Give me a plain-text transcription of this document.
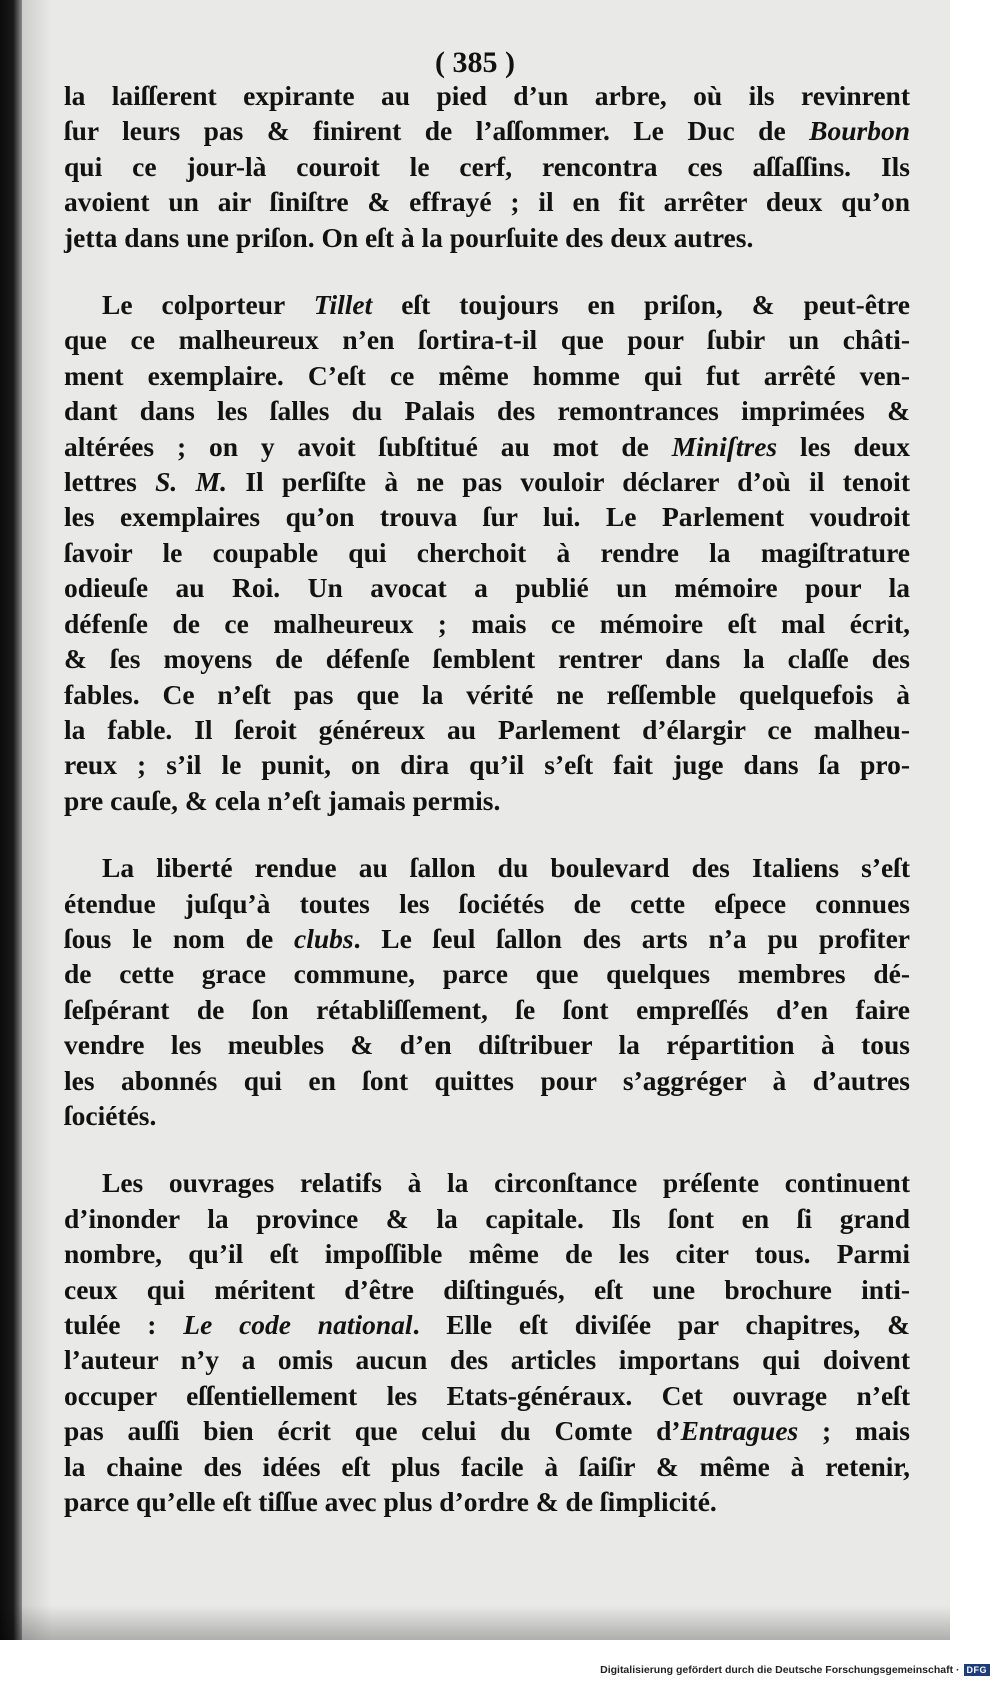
( 385 )
la laiſſerent expirante au pied d’un arbre, où ils revinrent
ſur leurs pas & finirent de l’aſſommer. Le Duc de Bourbon
qui ce jour-là couroit le cerf, rencontra ces aſſaſſins. Ils
avoient un air ſiniſtre & effrayé ; il en fit arrêter deux qu’on
jetta dans une priſon. On eſt à la pourſuite des deux autres.
Le colporteur Tillet eſt toujours en priſon, & peut-être
que ce malheureux n’en ſortira-t-il que pour ſubir un châti-
ment exemplaire. C’eſt ce même homme qui fut arrêté ven-
dant dans les ſalles du Palais des remontrances imprimées &
altérées ; on y avoit ſubſtitué au mot de Miniſtres les deux
lettres S. M. Il perſiſte à ne pas vouloir déclarer d’où il tenoit
les exemplaires qu’on trouva ſur lui. Le Parlement voudroit
ſavoir le coupable qui cherchoit à rendre la magiſtrature
odieuſe au Roi. Un avocat a publié un mémoire pour la
défenſe de ce malheureux ; mais ce mémoire eſt mal écrit,
& ſes moyens de défenſe ſemblent rentrer dans la claſſe des
fables. Ce n’eſt pas que la vérité ne reſſemble quelquefois à
la fable. Il ſeroit généreux au Parlement d’élargir ce malheu-
reux ; s’il le punit, on dira qu’il s’eſt fait juge dans ſa pro-
pre cauſe, & cela n’eſt jamais permis.
La liberté rendue au ſallon du boulevard des Italiens s’eſt
étendue juſqu’à toutes les ſociétés de cette eſpece connues
ſous le nom de clubs. Le ſeul ſallon des arts n’a pu profiter
de cette grace commune, parce que quelques membres dé-
ſeſpérant de ſon rétabliſſement, ſe ſont empreſſés d’en faire
vendre les meubles & d’en diſtribuer la répartition à tous
les abonnés qui en ſont quittes pour s’aggréger à d’autres
ſociétés.
Les ouvrages relatifs à la circonſtance préſente continuent
d’inonder la province & la capitale. Ils ſont en ſi grand
nombre, qu’il eſt impoſſible même de les citer tous. Parmi
ceux qui méritent d’être diſtingués, eſt une brochure inti-
tulée : Le code national. Elle eſt diviſée par chapitres, &
l’auteur n’y a omis aucun des articles importans qui doivent
occuper eſſentiellement les Etats-généraux. Cet ouvrage n’eſt
pas auſſi bien écrit que celui du Comte d’Entragues ; mais
la chaine des idées eſt plus facile à ſaiſir & même à retenir,
parce qu’elle eſt tiſſue avec plus d’ordre & de ſimplicité.
Digitalisierung gefördert durch die Deutsche Forschungsgemeinschaft · DFG
